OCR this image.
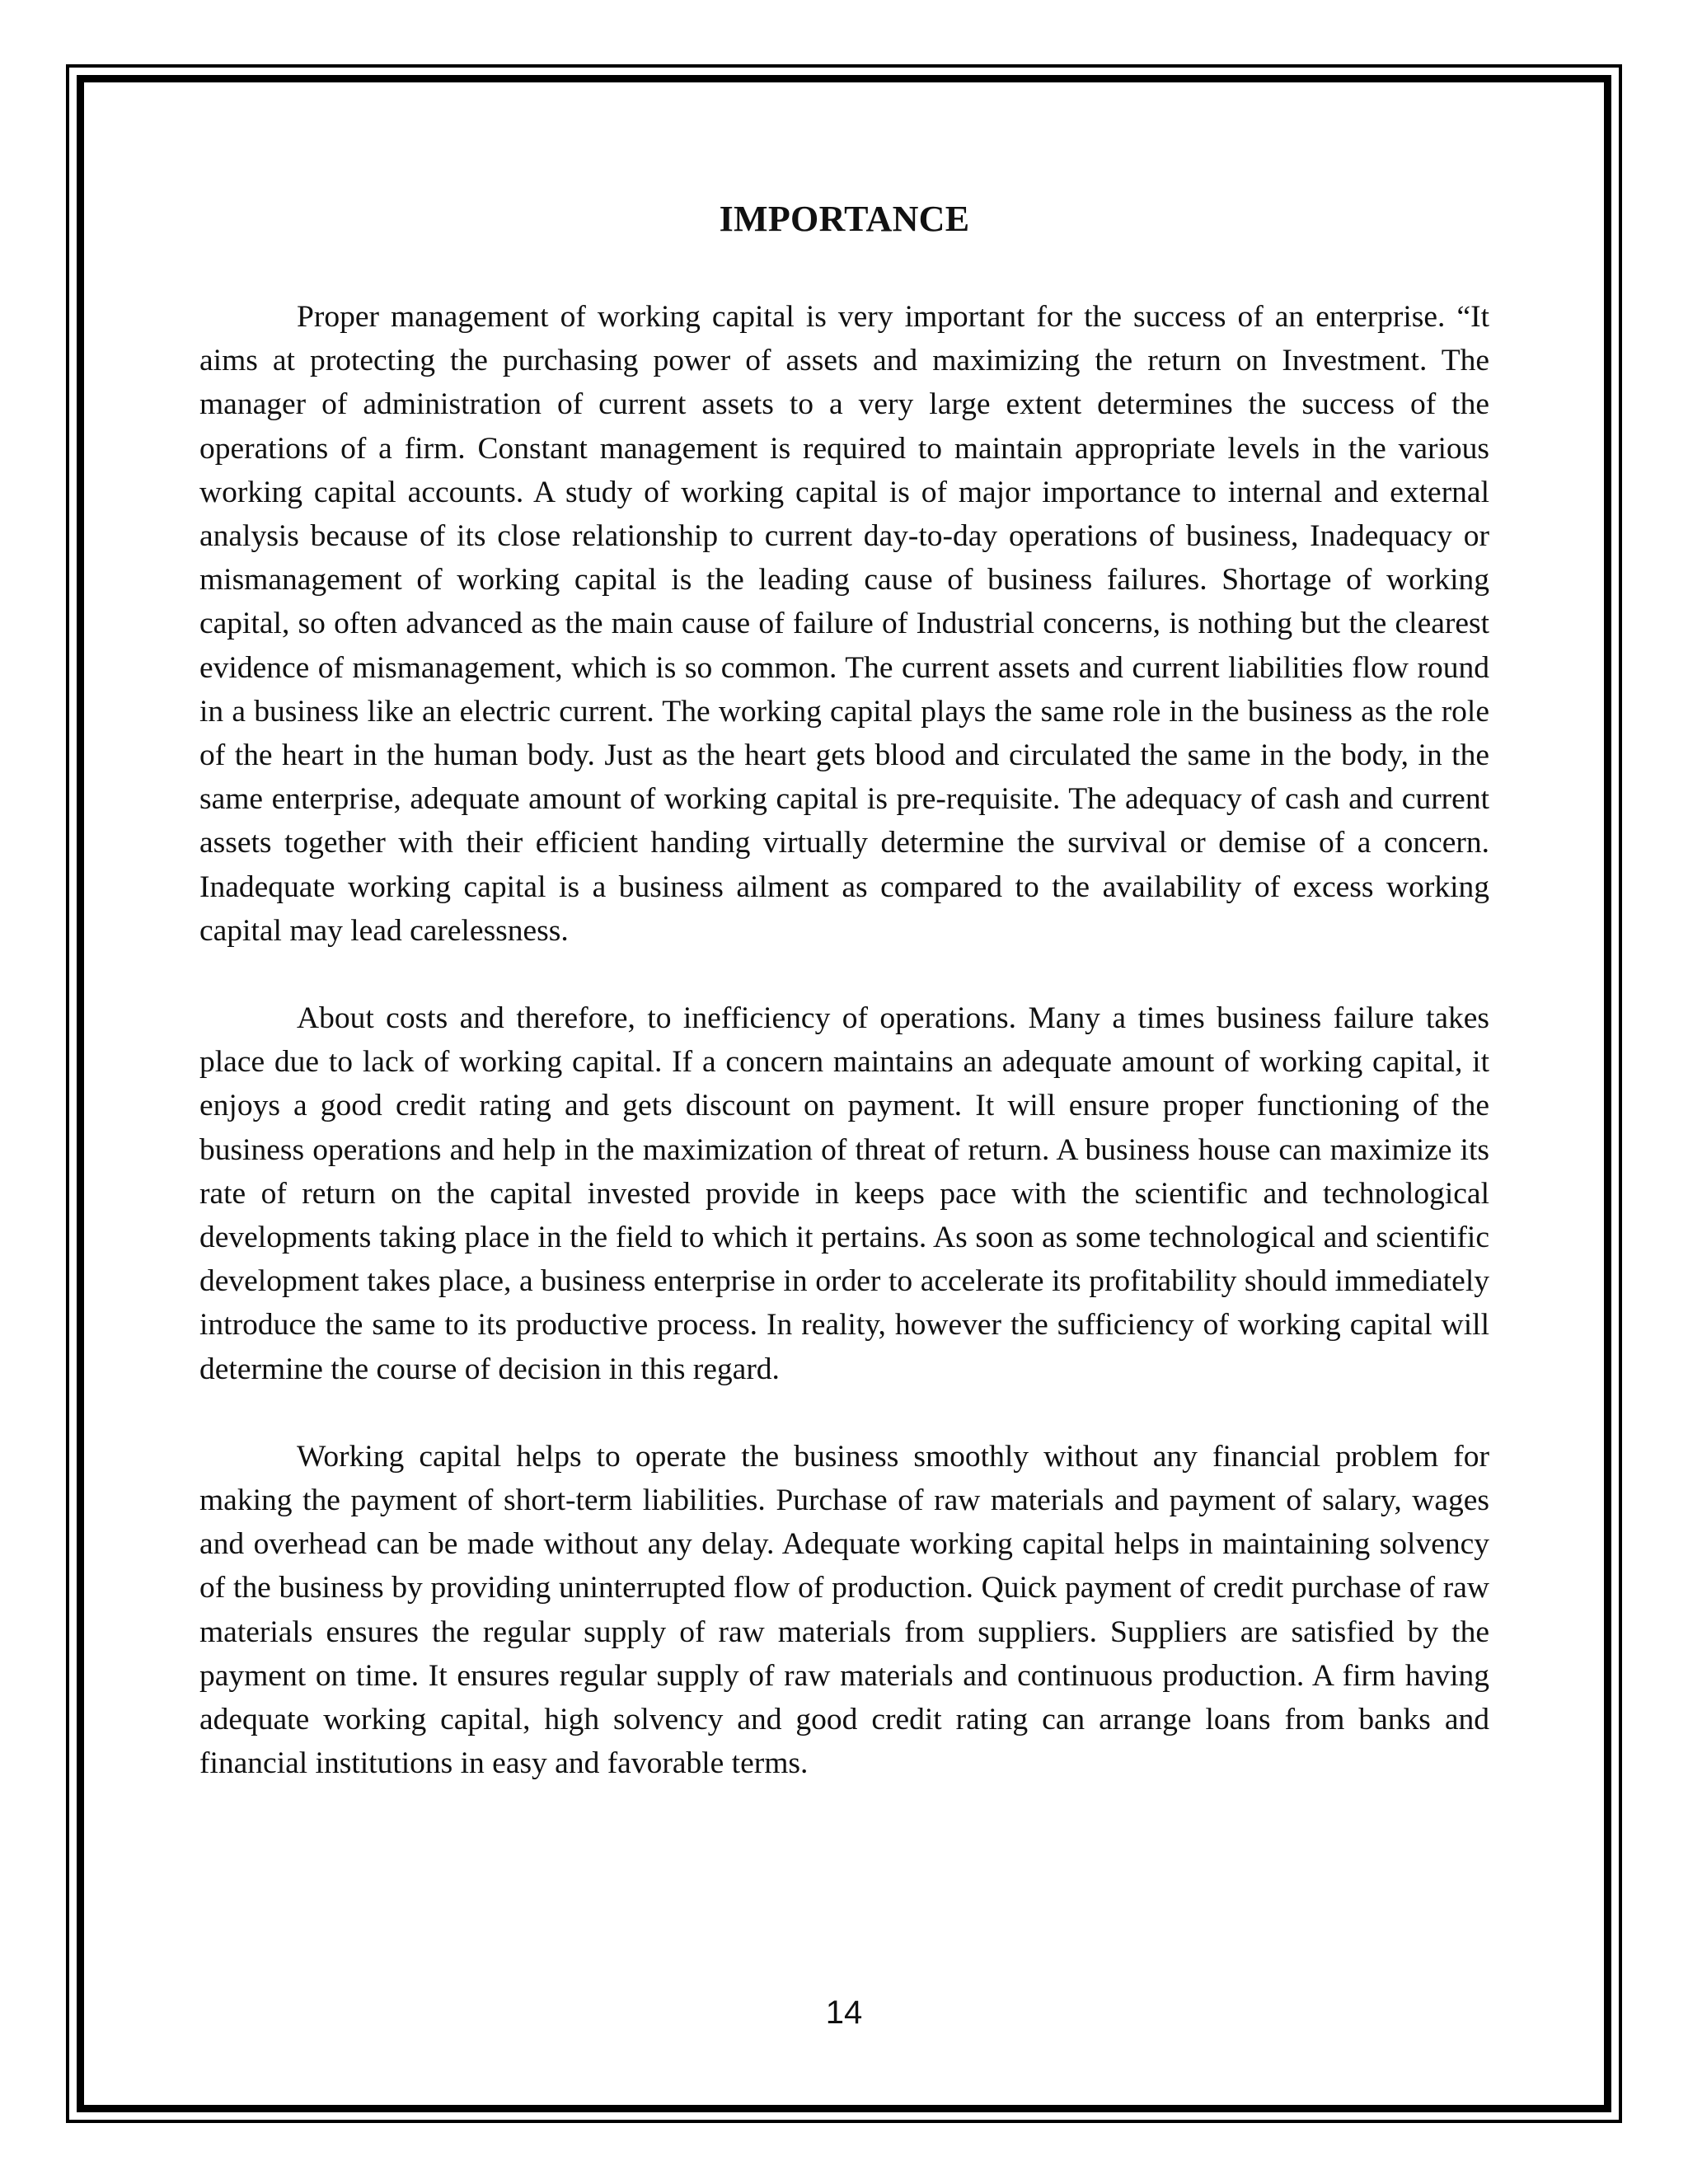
IMPORTANCE

Proper management of working capital is very important for the success of an enterprise. “It aims at protecting the purchasing power of assets and maximizing the return on Investment. The manager of administration of current assets to a very large extent determines the success of the operations of a firm. Constant management is required to maintain appropriate levels in the various working capital accounts. A study of working capital is of major importance to internal and external analysis because of its close relationship to current day-to-day operations of business, Inadequacy or mismanagement of working capital is the leading cause of business failures. Shortage of working capital, so often advanced as the main cause of failure of Industrial concerns, is nothing but the clearest evidence of mismanagement, which is so common. The current assets and current liabilities flow round in a business like an electric current. The working capital plays the same role in the business as the role of the heart in the human body. Just as the heart gets blood and circulated the same in the body, in the same enterprise, adequate amount of working capital is pre-requisite. The adequacy of cash and current assets together with their efficient handing virtually determine the survival or demise of a concern. Inadequate working capital is a business ailment as compared to the availability of excess working capital may lead carelessness.

About costs and therefore, to inefficiency of operations. Many a times business failure takes place due to lack of working capital. If a concern maintains an adequate amount of working capital, it enjoys a good credit rating and gets discount on payment. It will ensure proper functioning of the business operations and help in the maximization of threat of return. A business house can maximize its rate of return on the capital invested provide in keeps pace with the scientific and technological developments taking place in the field to which it pertains. As soon as some technological and scientific development takes place, a business enterprise in order to accelerate its profitability should immediately introduce the same to its productive process. In reality, however the sufficiency of working capital will determine the course of decision in this regard.

Working capital helps to operate the business smoothly without any financial problem for making the payment of short-term liabilities. Purchase of raw materials and payment of salary, wages and overhead can be made without any delay. Adequate working capital helps in maintaining solvency of the business by providing uninterrupted flow of production. Quick payment of credit purchase of raw materials ensures the regular supply of raw materials from suppliers. Suppliers are satisfied by the payment on time. It ensures regular supply of raw materials and continuous production. A firm having adequate working capital, high solvency and good credit rating can arrange loans from banks and financial institutions in easy and favorable terms.

14
